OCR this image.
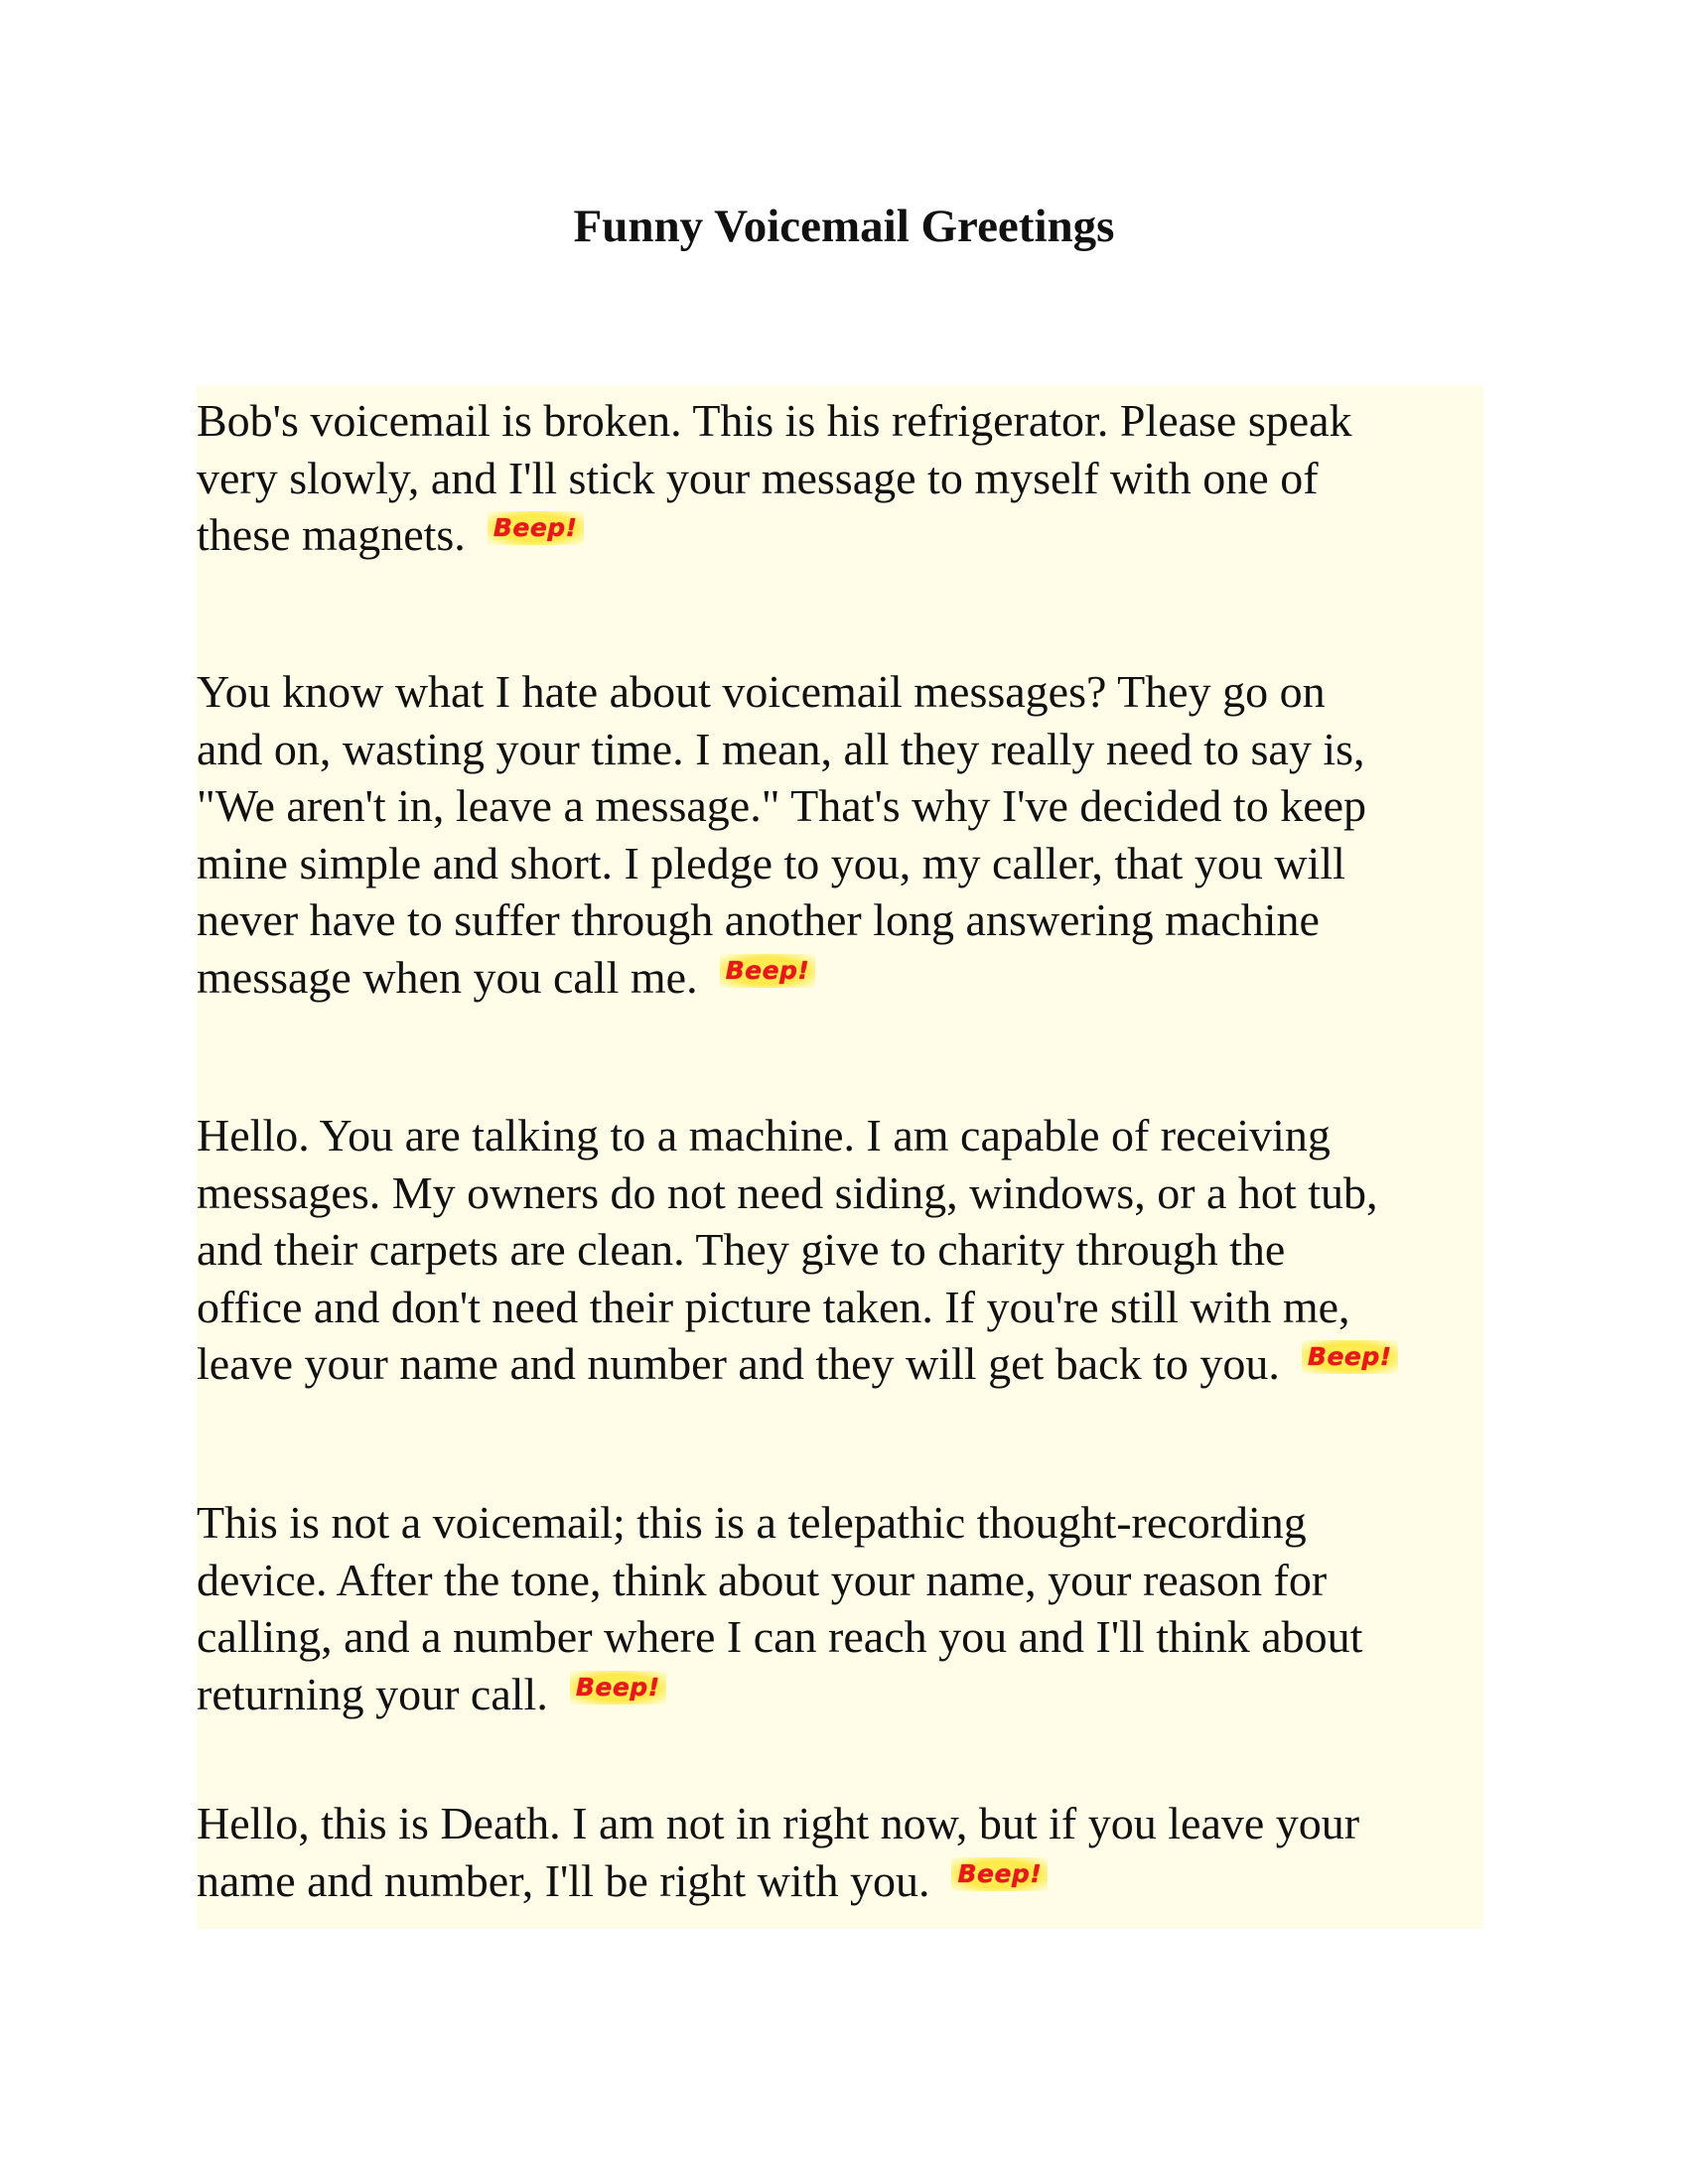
Funny Voicemail Greetings

Bob's voicemail is broken. This is his refrigerator. Please speak
very slowly, and I'll stick your message to myself with one of
these magnets. Beep!

You know what I hate about voicemail messages? They go on
and on, wasting your time. I mean, all they really need to say is,
"We aren't in, leave a message." That's why I've decided to keep
mine simple and short. I pledge to you, my caller, that you will
never have to suffer through another long answering machine
message when you call me. Beep!

Hello. You are talking to a machine. I am capable of receiving
messages. My owners do not need siding, windows, or a hot tub,
and their carpets are clean. They give to charity through the
office and don't need their picture taken. If you're still with me,
leave your name and number and they will get back to you. Beep!

This is not a voicemail; this is a telepathic thought-recording
device. After the tone, think about your name, your reason for
calling, and a number where I can reach you and I'll think about
returning your call. Beep!

Hello, this is Death. I am not in right now, but if you leave your
name and number, I'll be right with you. Beep!
